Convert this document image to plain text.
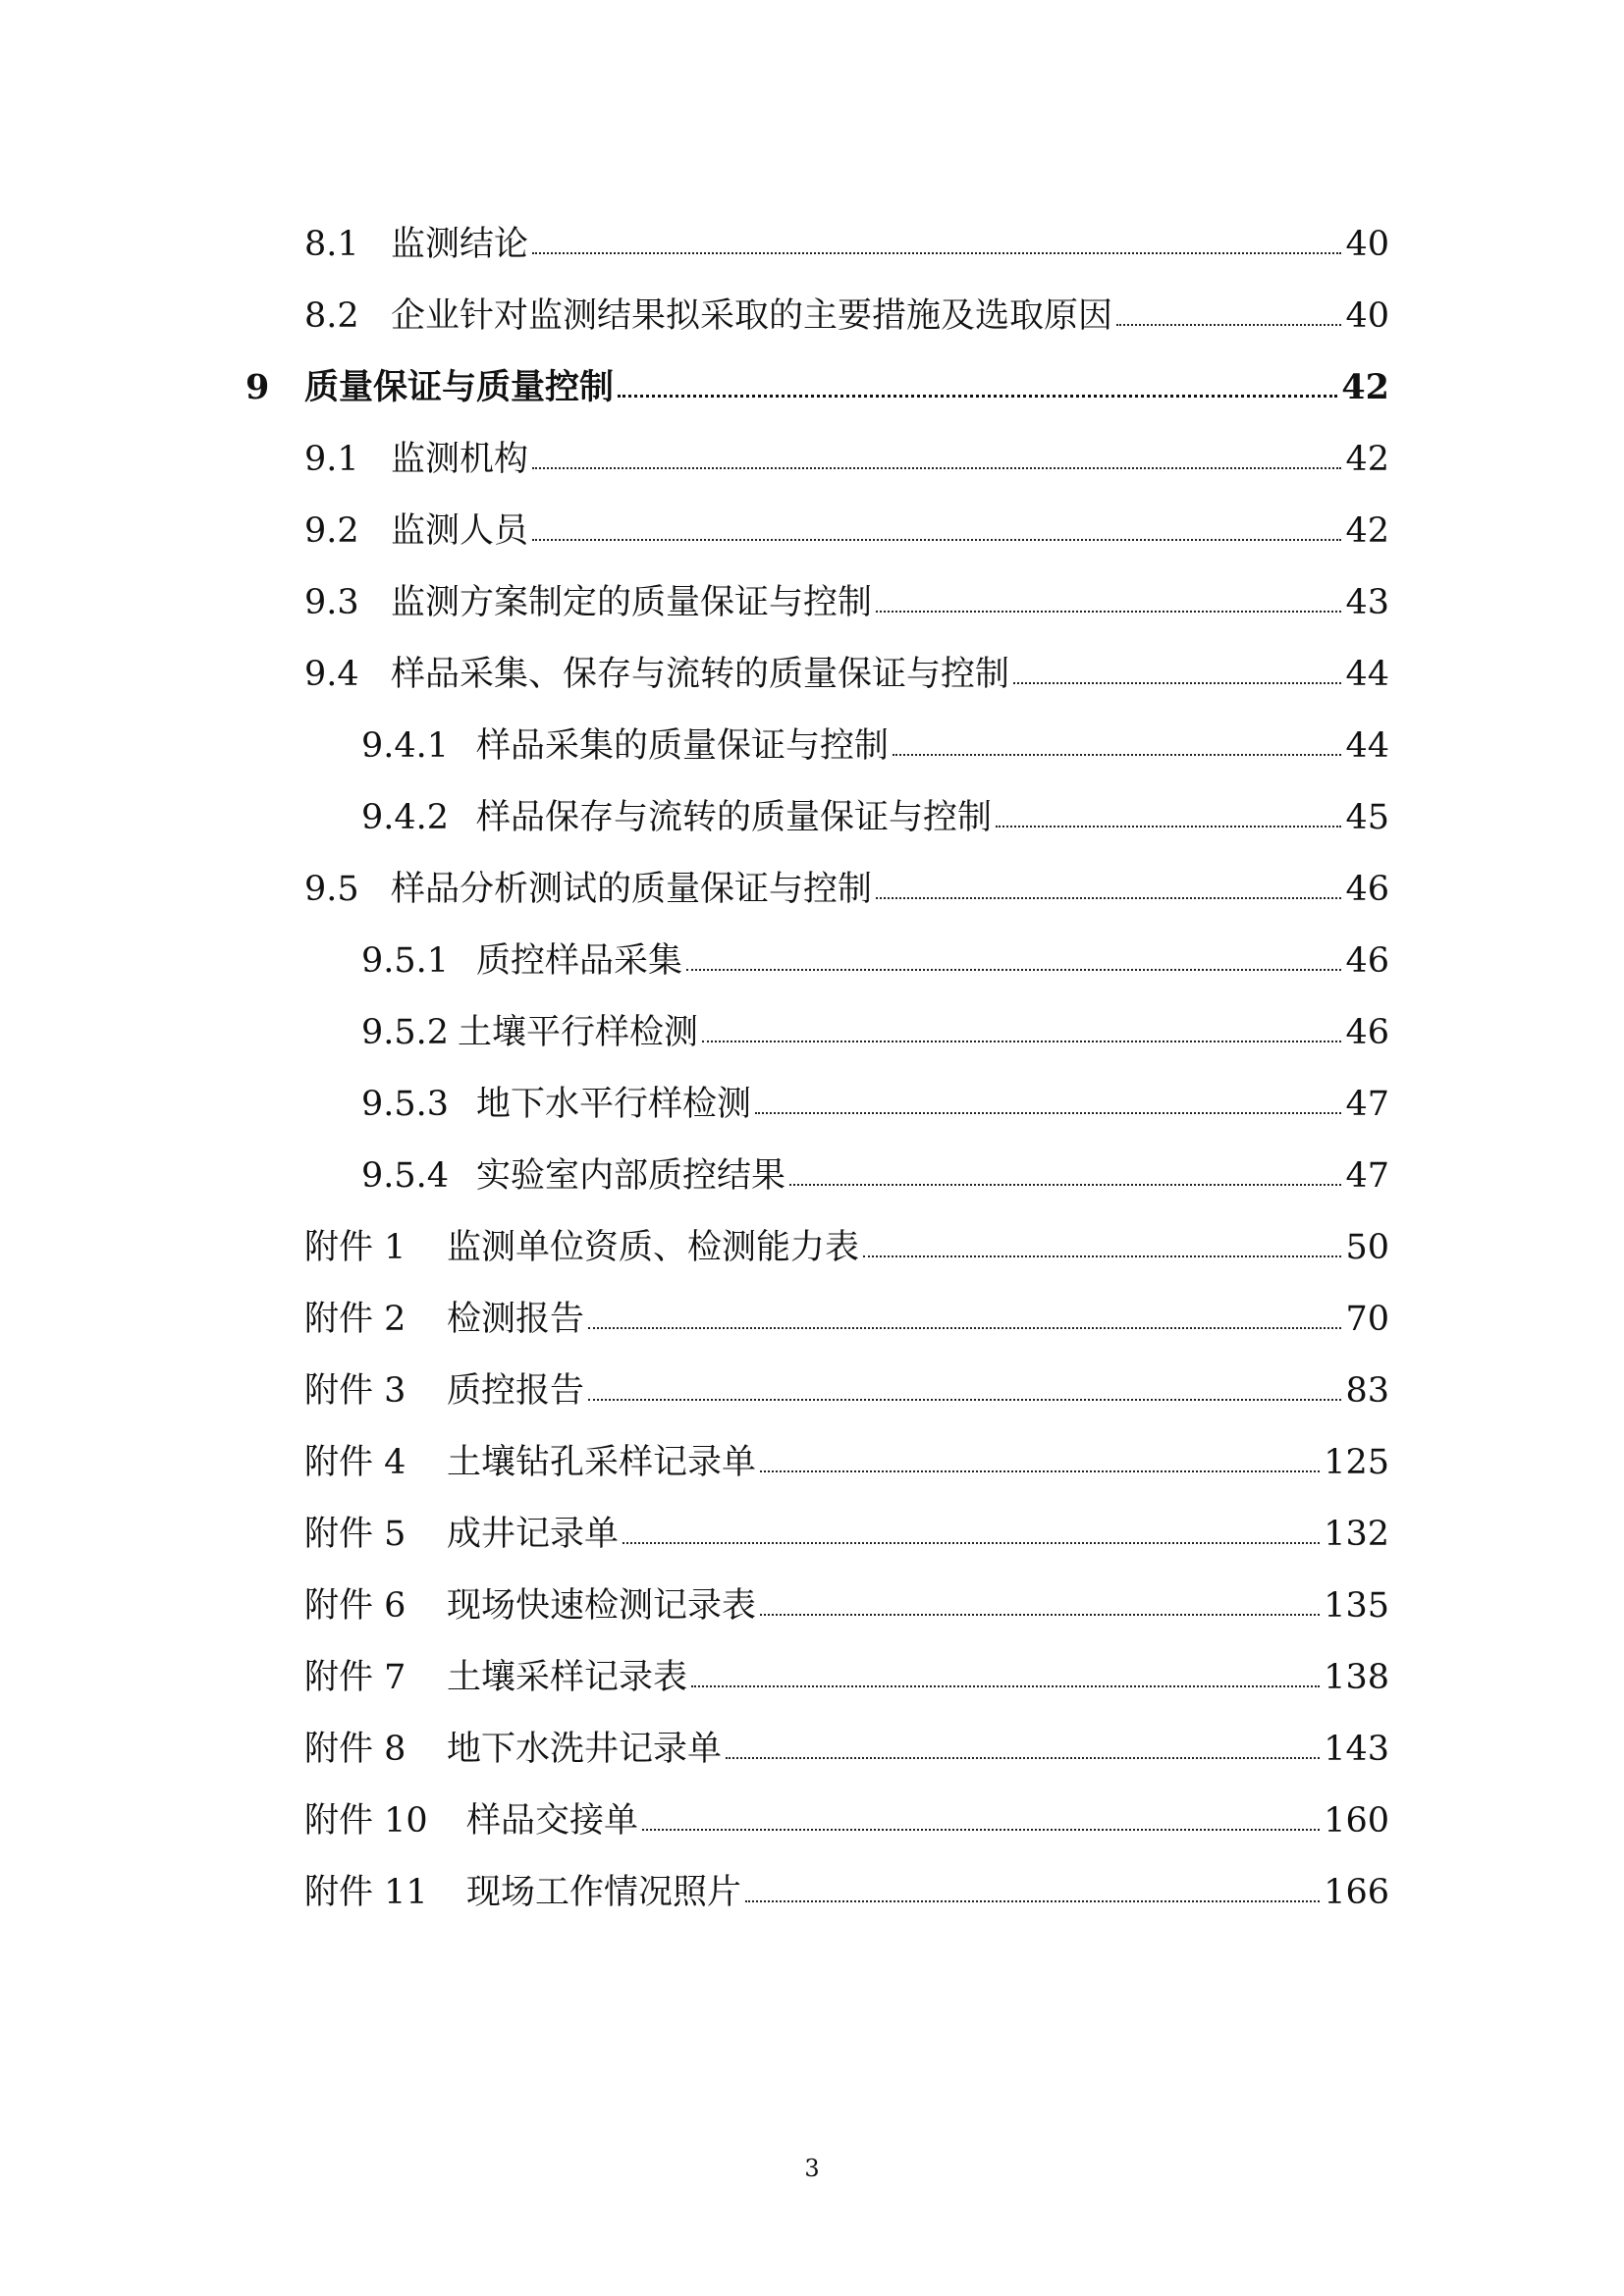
8.1 监测结论	40
8.2 企业针对监测结果拟采取的主要措施及选取原因	40
9	质量保证与质量控制	42
9.1 监测机构	42
9.2 监测人员	42
9.3 监测方案制定的质量保证与控制	43
9.4 样品采集、保存与流转的质量保证与控制	44
9.4.1 样品采集的质量保证与控制	44
9.4.2 样品保存与流转的质量保证与控制	45
9.5 样品分析测试的质量保证与控制	46
9.5.1 质控样品采集	46
9.5.2 土壤平行样检测	46
9.5.3 地下水平行样检测	47
9.5.4 实验室内部质控结果	47
附件 1	监测单位资质、检测能力表	50
附件 2	检测报告	70
附件 3	质控报告	83
附件 4	土壤钻孔采样记录单	125
附件 5	成井记录单	132
附件 6	现场快速检测记录表	135
附件 7	土壤采样记录表	138
附件 8	地下水洗井记录单	143
附件 10	样品交接单	160
附件 11	现场工作情况照片	166
3
